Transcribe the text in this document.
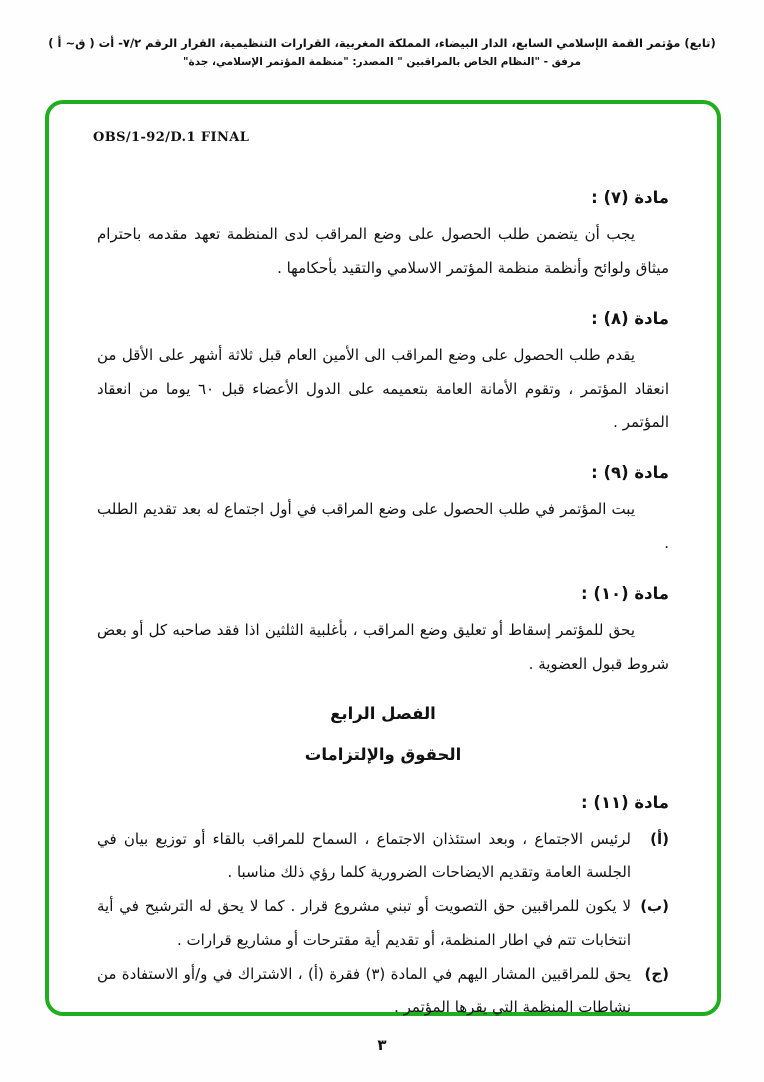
(تابع) مؤتمر القمة الإسلامي السابع، الدار البيضاء، المملكة المغربية، القرارات التنظيمية، القرار الرقم ٧/٢- أت ( ق~ أ )
مرفق - "النظام الخاص بالمراقبين " المصدر: "منظمة المؤتمر الإسلامي، جدة"
OBS/1-92/D.1 FINAL
مادة (٧) :
يجب أن يتضمن طلب الحصول على وضع المراقب لدى المنظمة تعهد مقدمه باحترام ميثاق ولوائح وأنظمة منظمة المؤتمر الاسلامي والتقيد بأحكامها .
مادة (٨) :
يقدم طلب الحصول على وضع المراقب الى الأمين العام قبل ثلاثة أشهر على الأقل من انعقاد المؤتمر ، وتقوم الأمانة العامة بتعميمه على الدول الأعضاء قبل ٦٠ يوما من انعقاد المؤتمر .
مادة (٩) :
يبت المؤتمر في طلب الحصول على وضع المراقب في أول اجتماع له بعد تقديم الطلب .
مادة (١٠) :
يحق للمؤتمر إسقاط أو تعليق وضع المراقب ، بأغلبية الثلثين اذا فقد صاحبه كل أو بعض شروط قبول العضوية .
الفصل الرابع
الحقوق والإلتزامات
مادة (١١) :
(أ)
لرئيس الاجتماع ، وبعد استئذان الاجتماع ، السماح للمراقب بالقاء أو توزيع بيان في الجلسة العامة وتقديم الايضاحات الضرورية كلما رؤي ذلك مناسبا .
(ب)
لا يكون للمراقبين حق التصويت أو تبني مشروع قرار . كما لا يحق له الترشيح في أية انتخابات تتم في اطار المنظمة، أو تقديم أية مقترحات أو مشاريع قرارات .
(ج)
يحق للمراقبين المشار اليهم في المادة (٣) فقرة (أ) ، الاشتراك في و/أو الاستفادة من نشاطات المنظمة التي يقرها المؤتمر .
٣
